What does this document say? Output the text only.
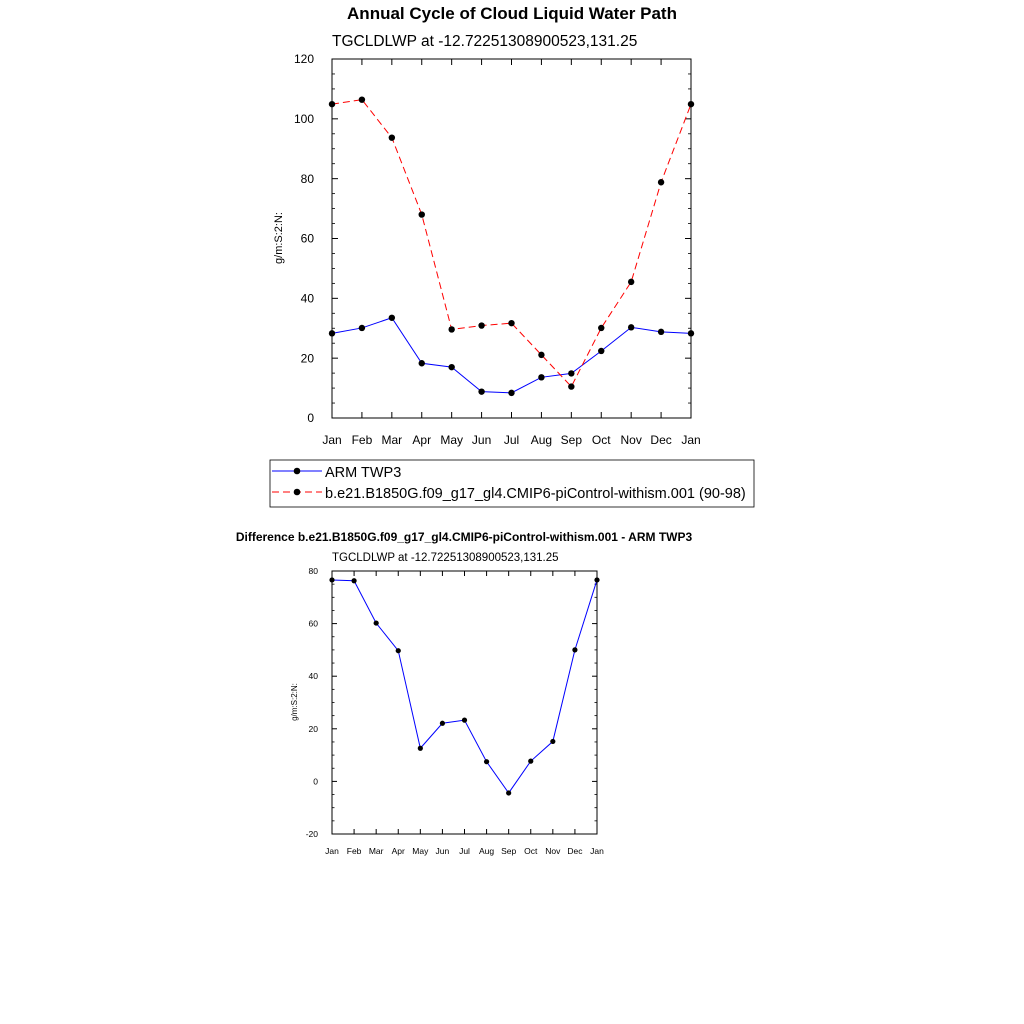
Annual Cycle of Cloud Liquid Water Path
TGCLDLWP at -12.72251308900523,131.25
g/m:S:2:N:
Jan Feb Mar Apr May Jun Jul Aug Sep Oct Nov Dec Jan
0
20
40
60
80
100
120
ARM TWP3
b.e21.B1850G.f09_g17_gl4.CMIP6-piControl-withism.001 (90-98)
Difference b.e21.B1850G.f09_g17_gl4.CMIP6-piControl-withism.001 - ARM TWP3
TGCLDLWP at -12.72251308900523,131.25
g/m:S:2:N:
Jan Feb Mar Apr May Jun Jul Aug Sep Oct Nov Dec Jan
-20
0
20
40
60
80
